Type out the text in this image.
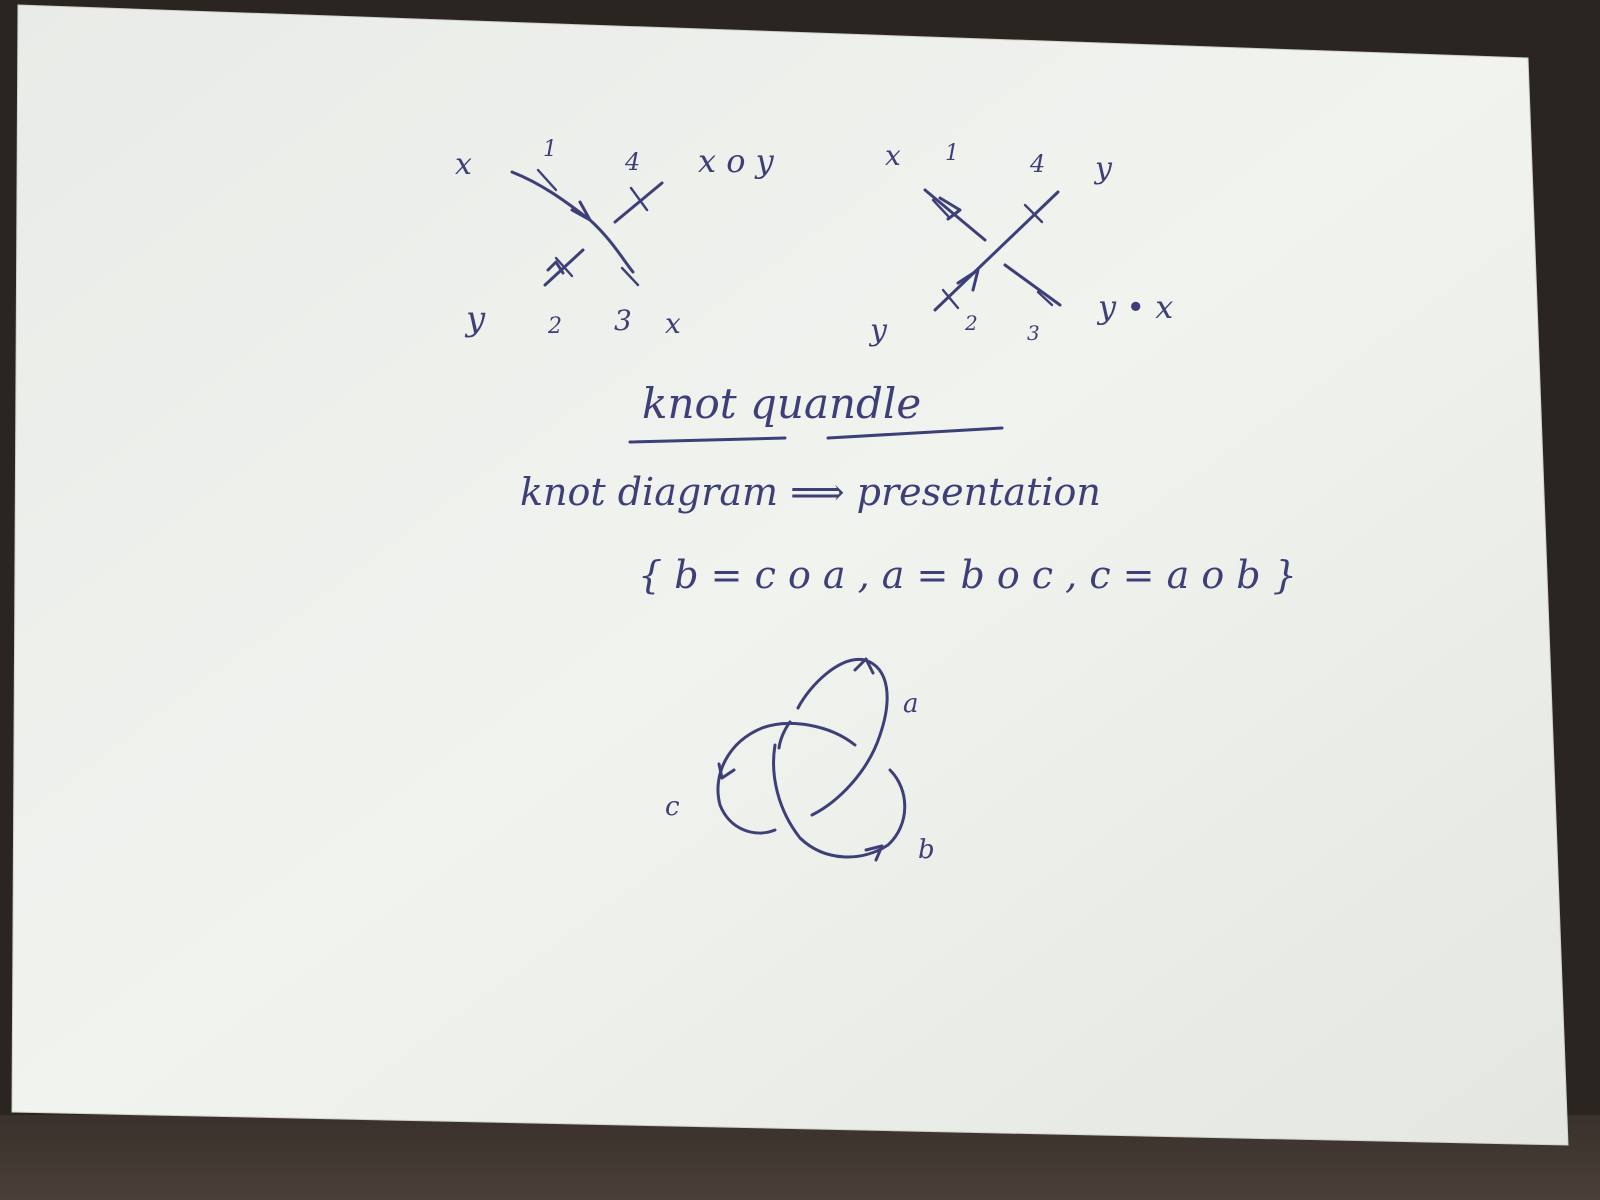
x	1	4 x o y
y	2 3 x
x 1	4 y
y	2 3
y • x
knot quandle
knot diagram ⟹ presentation
{ b = c o a , a = b o c , c = a o b }
a
c
b
